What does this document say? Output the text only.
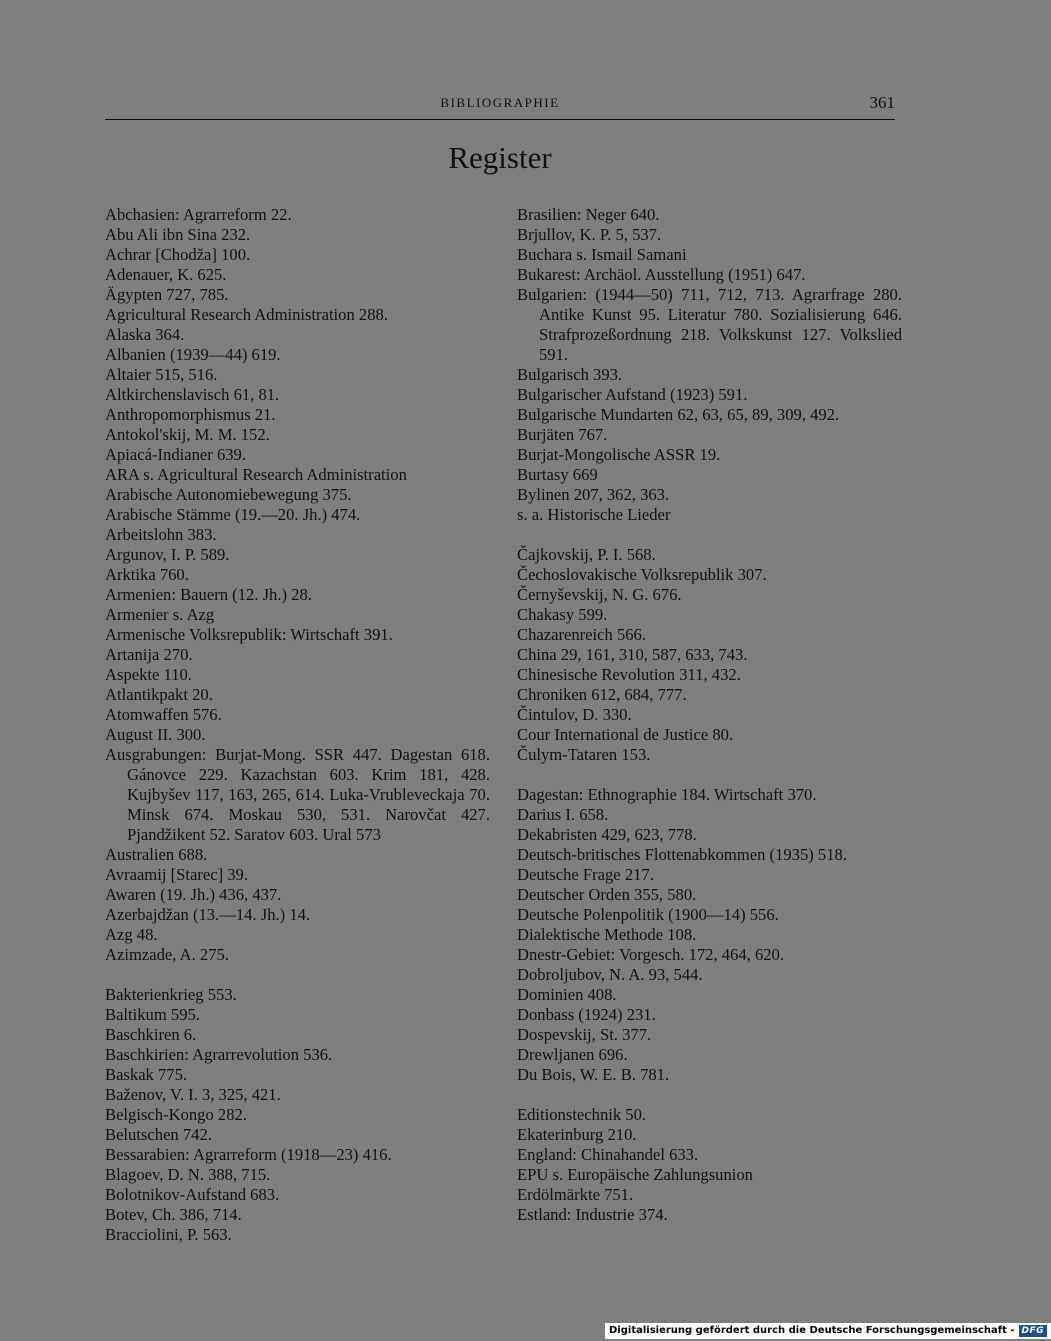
BIBLIOGRAPHIE	361
Register
Abchasien: Agrarreform 22.
Abu Ali ibn Sina 232.
Achrar [Chodža] 100.
Adenauer, K. 625.
Ägypten 727, 785.
Agricultural Research Administration 288.
Alaska 364.
Albanien (1939—44) 619.
Altaier 515, 516.
Altkirchenslavisch 61, 81.
Anthropomorphismus 21.
Antokol'skij, M. M. 152.
Apiacá-Indianer 639.
ARA s. Agricultural Research Administration
Arabische Autonomiebewegung 375.
Arabische Stämme (19.—20. Jh.) 474.
Arbeitslohn 383.
Argunov, I. P. 589.
Arktika 760.
Armenien: Bauern (12. Jh.) 28.
Armenier s. Azg
Armenische Volksrepublik: Wirtschaft 391.
Artanija 270.
Aspekte 110.
Atlantikpakt 20.
Atomwaffen 576.
August II. 300.
Ausgrabungen: Burjat-Mong. SSR 447. Dagestan 618. Gánovce 229. Kazachstan 603. Krim 181, 428. Kujbyšev 117, 163, 265, 614. Luka-Vrubleveckaja 70. Minsk 674. Moskau 530, 531. Narovčat 427. Pjandžikent 52. Saratov 603. Ural 573
Australien 688.
Avraamij [Starec] 39.
Awaren (19. Jh.) 436, 437.
Azerbajdžan (13.—14. Jh.) 14.
Azg 48.
Azimzade, A. 275.
Bakterienkrieg 553.
Baltikum 595.
Baschkiren 6.
Baschkirien: Agrarrevolution 536.
Baskak 775.
Baženov, V. I. 3, 325, 421.
Belgisch-Kongo 282.
Belutschen 742.
Bessarabien: Agrarreform (1918—23) 416.
Blagoev, D. N. 388, 715.
Bolotnikov-Aufstand 683.
Botev, Ch. 386, 714.
Bracciolini, P. 563.
Brasilien: Neger 640.
Brjullov, K. P. 5, 537.
Buchara s. Ismail Samani
Bukarest: Archäol. Ausstellung (1951) 647.
Bulgarien: (1944—50) 711, 712, 713. Agrarfrage 280. Antike Kunst 95. Literatur 780. Sozialisierung 646. Strafprozeßordnung 218. Volkskunst 127. Volkslied 591.
Bulgarisch 393.
Bulgarischer Aufstand (1923) 591.
Bulgarische Mundarten 62, 63, 65, 89, 309, 492.
Burjäten 767.
Burjat-Mongolische ASSR 19.
Burtasy 669
Bylinen 207, 362, 363.
s. a. Historische Lieder
Čajkovskij, P. I. 568.
Čechoslovakische Volksrepublik 307.
Černyševskij, N. G. 676.
Chakasy 599.
Chazarenreich 566.
China 29, 161, 310, 587, 633, 743.
Chinesische Revolution 311, 432.
Chroniken 612, 684, 777.
Čintulov, D. 330.
Cour International de Justice 80.
Čulym-Tataren 153.
Dagestan: Ethnographie 184. Wirtschaft 370.
Darius I. 658.
Dekabristen 429, 623, 778.
Deutsch-britisches Flottenabkommen (1935) 518.
Deutsche Frage 217.
Deutscher Orden 355, 580.
Deutsche Polenpolitik (1900—14) 556.
Dialektische Methode 108.
Dnestr-Gebiet: Vorgesch. 172, 464, 620.
Dobroljubov, N. A. 93, 544.
Dominien 408.
Donbass (1924) 231.
Dospevskij, St. 377.
Drewljanen 696.
Du Bois, W. E. B. 781.
Editionstechnik 50.
Ekaterinburg 210.
England: Chinahandel 633.
EPU s. Europäische Zahlungsunion
Erdölmärkte 751.
Estland: Industrie 374.
Digitalisierung gefördert durch die Deutsche Forschungsgemeinschaft - DFG
